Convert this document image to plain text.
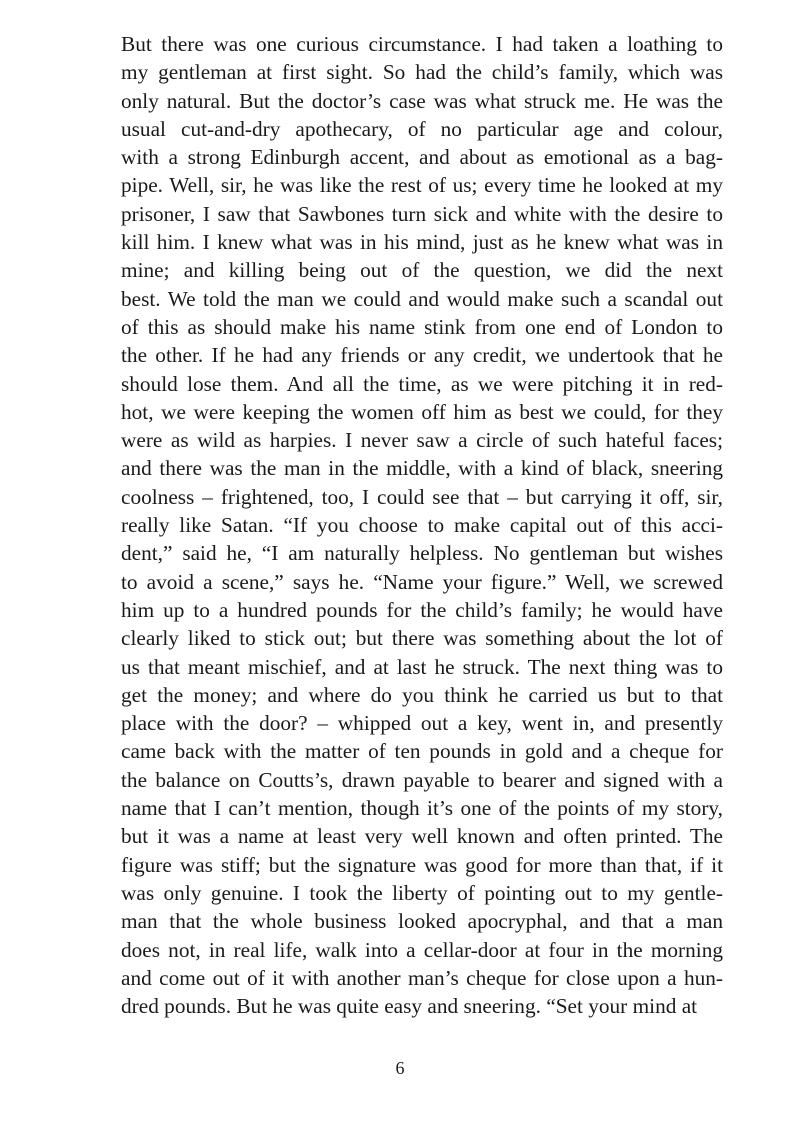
But there was one curious circumstance. I had taken a loathing to
my gentleman at first sight. So had the child’s family, which was
only natural. But the doctor’s case was what struck me. He was the
usual cut-and-dry apothecary, of no particular age and colour,
with a strong Edinburgh accent, and about as emotional as a bag-
pipe. Well, sir, he was like the rest of us; every time he looked at my
prisoner, I saw that Sawbones turn sick and white with the desire to
kill him. I knew what was in his mind, just as he knew what was in
mine; and killing being out of the question, we did the next
best. We told the man we could and would make such a scandal out
of this as should make his name stink from one end of London to
the other. If he had any friends or any credit, we undertook that he
should lose them. And all the time, as we were pitching it in red-
hot, we were keeping the women off him as best we could, for they
were as wild as harpies. I never saw a circle of such hateful faces;
and there was the man in the middle, with a kind of black, sneering
coolness – frightened, too, I could see that – but carrying it off, sir,
really like Satan. “If you choose to make capital out of this acci-
dent,” said he, “I am naturally helpless. No gentleman but wishes
to avoid a scene,” says he. “Name your figure.” Well, we screwed
him up to a hundred pounds for the child’s family; he would have
clearly liked to stick out; but there was something about the lot of
us that meant mischief, and at last he struck. The next thing was to
get the money; and where do you think he carried us but to that
place with the door? – whipped out a key, went in, and presently
came back with the matter of ten pounds in gold and a cheque for
the balance on Coutts’s, drawn payable to bearer and signed with a
name that I can’t mention, though it’s one of the points of my story,
but it was a name at least very well known and often printed. The
figure was stiff; but the signature was good for more than that, if it
was only genuine. I took the liberty of pointing out to my gentle-
man that the whole business looked apocryphal, and that a man
does not, in real life, walk into a cellar-door at four in the morning
and come out of it with another man’s cheque for close upon a hun-
dred pounds. But he was quite easy and sneering. “Set your mind at
6
